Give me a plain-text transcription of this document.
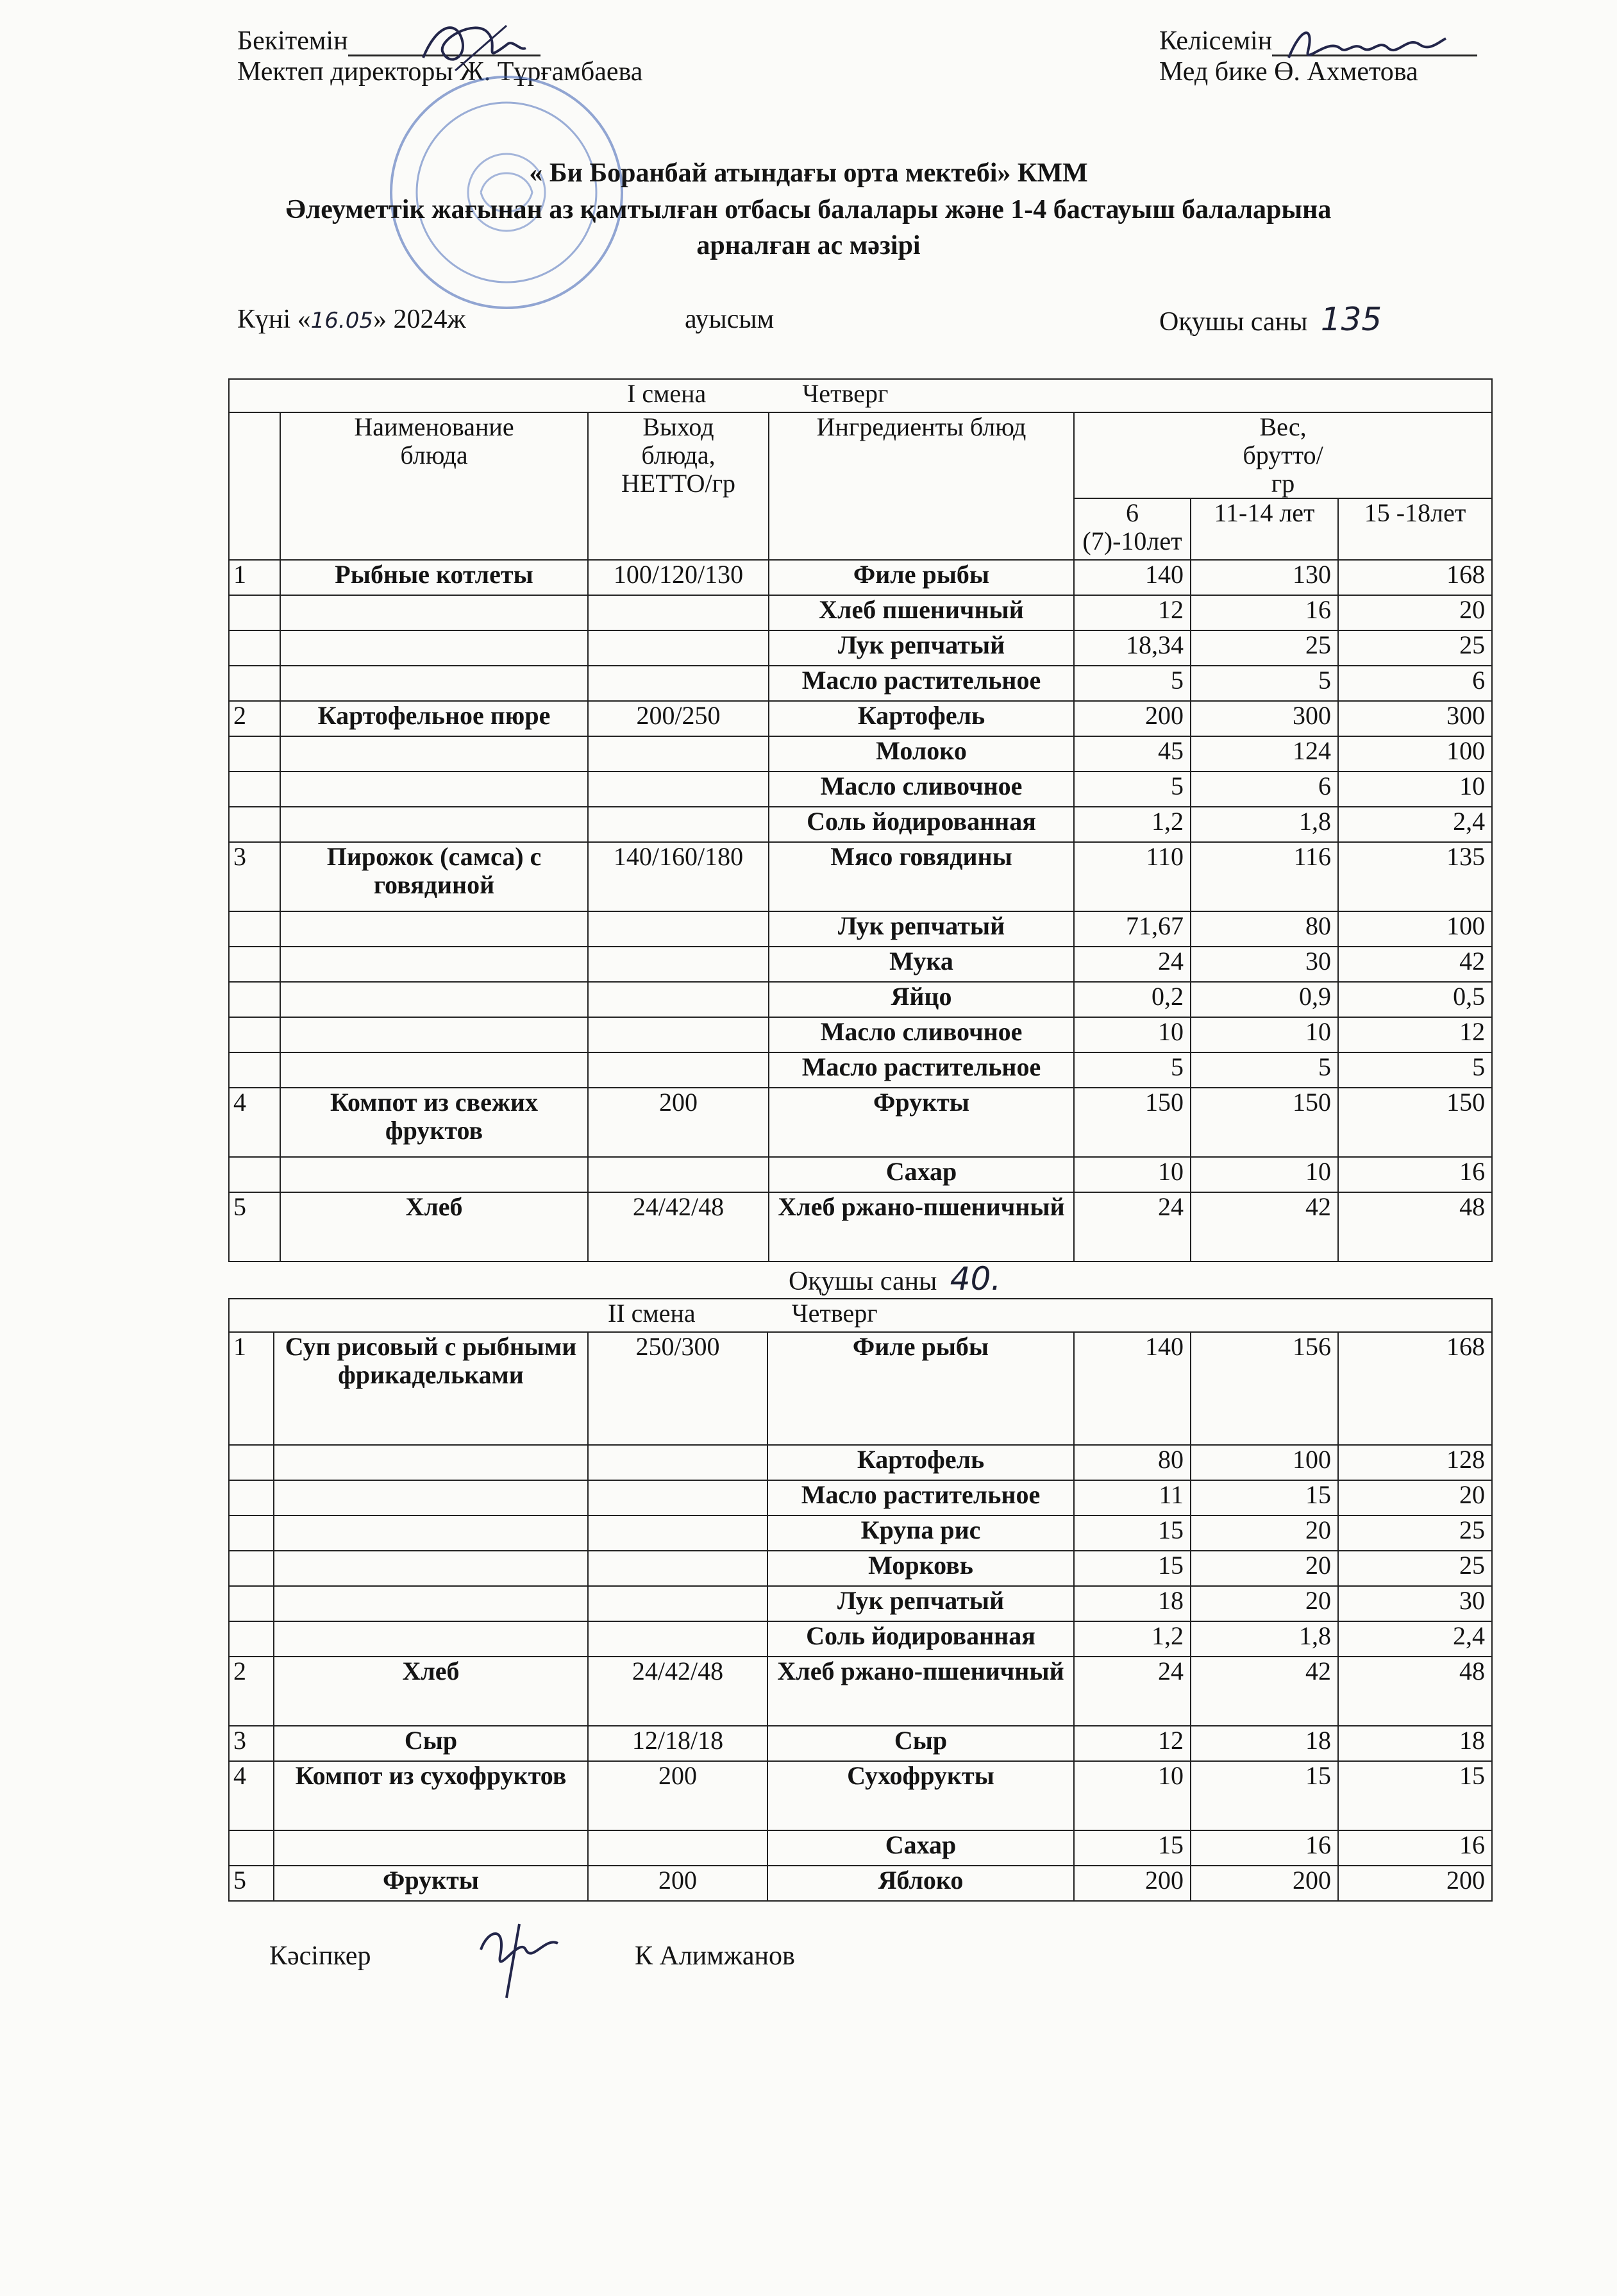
Бекітемін
Мектеп директоры Ж. Тұрғамбаева
Келісемін
Мед бике Ө. Ахметова
« Би Боранбай атындағы орта мектебі» КММ
Әлеуметтік жағынан аз қамтылған отбасы балалары және 1-4 бастауыш балаларына
арналған ас мәзірі
Күні «16.05» 2024ж	ауысым	Оқушы саны 135
I смена Четверг						
	Наименование блюда	Выход блюда, НЕТТО/гр	Ингредиенты блюд	Вес, брутто/гр		
				6 (7)-10лет	11-14 лет	15 -18лет
1	Рыбные котлеты	100/120/130	Филе рыбы	140	130	168
			Хлеб пшеничный	12	16	20
			Лук репчатый	18,34	25	25
			Масло растительное	5	5	6
2	Картофельное пюре	200/250	Картофель	200	300	300
			Молоко	45	124	100
			Масло сливочное	5	6	10
			Соль йодированная	1,2	1,8	2,4
3	Пирожок (самса) с говядиной	140/160/180	Мясо говядины	110	116	135
			Лук репчатый	71,67	80	100
			Мука	24	30	42
			Яйцо	0,2	0,9	0,5
			Масло сливочное	10	10	12
			Масло растительное	5	5	5
4	Компот из свежих фруктов	200	Фрукты	150	150	150
			Сахар	10	10	16
5	Хлеб	24/42/48	Хлеб ржано-пшеничный	24	42	48
Оқушы саны 40.
II смена Четверг						
1	Суп рисовый с рыбными фрикадельками	250/300	Филе рыбы	140	156	168
			Картофель	80	100	128
			Масло растительное	11	15	20
			Крупа рис	15	20	25
			Морковь	15	20	25
			Лук репчатый	18	20	30
			Соль йодированная	1,2	1,8	2,4
2	Хлеб	24/42/48	Хлеб ржано-пшеничный	24	42	48
3	Сыр	12/18/18	Сыр	12	18	18
4	Компот из сухофруктов	200	Сухофрукты	10	15	15
			Сахар	15	16	16
5	Фрукты	200	Яблоко	200	200	200
Кәсіпкер	К Алимжанов
